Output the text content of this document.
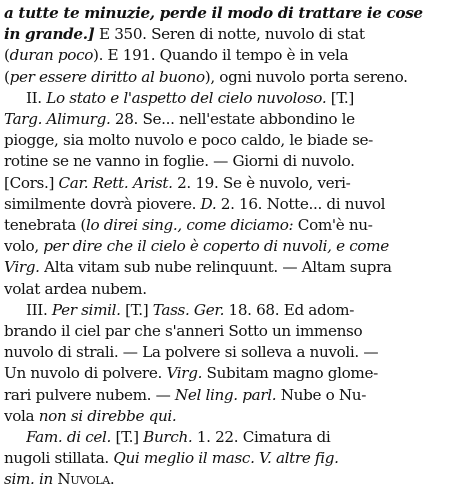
a tutte te minuzie, perde il modo di trattare ie cose
in grande.] E 350. Seren di notte, nuvolo di stat
(duran poco). E 191. Quando il tempo è in vela
(per essere diritto al buono), ogni nuvolo porta sereno.
II. Lo stato e l'aspetto del cielo nuvoloso. [T.]
Targ. Alimurg. 28. Se... nell'estate abbondino le
piogge, sia molto nuvolo e poco caldo, le biade se-
rotine se ne vanno in foglie. — Giorni di nuvolo.
[Cors.] Car. Rett. Arist. 2. 19. Se è nuvolo, veri-
similmente dovrà piovere. D. 2. 16. Notte... di nuvol
tenebrata (lo direi sing., come diciamo: Com'è nu-
volo, per dire che il cielo è coperto di nuvoli, e come
Virg. Alta vitam sub nube relinquunt. — Altam supra
volat ardea nubem.
III. Per simil. [T.] Tass. Ger. 18. 68. Ed adom-
brando il ciel par che s'anneri Sotto un immenso
nuvolo di strali. — La polvere si solleva a nuvoli. —
Un nuvolo di polvere. Virg. Subitam magno glome-
rari pulvere nubem. — Nel ling. parl. Nube o Nu-
vola non si direbbe qui.
Fam. di cel. [T.] Burch. 1. 22. Cimatura di
nugoli stillata. Qui meglio il masc. V. altre fig.
sim. in Nuvola.
